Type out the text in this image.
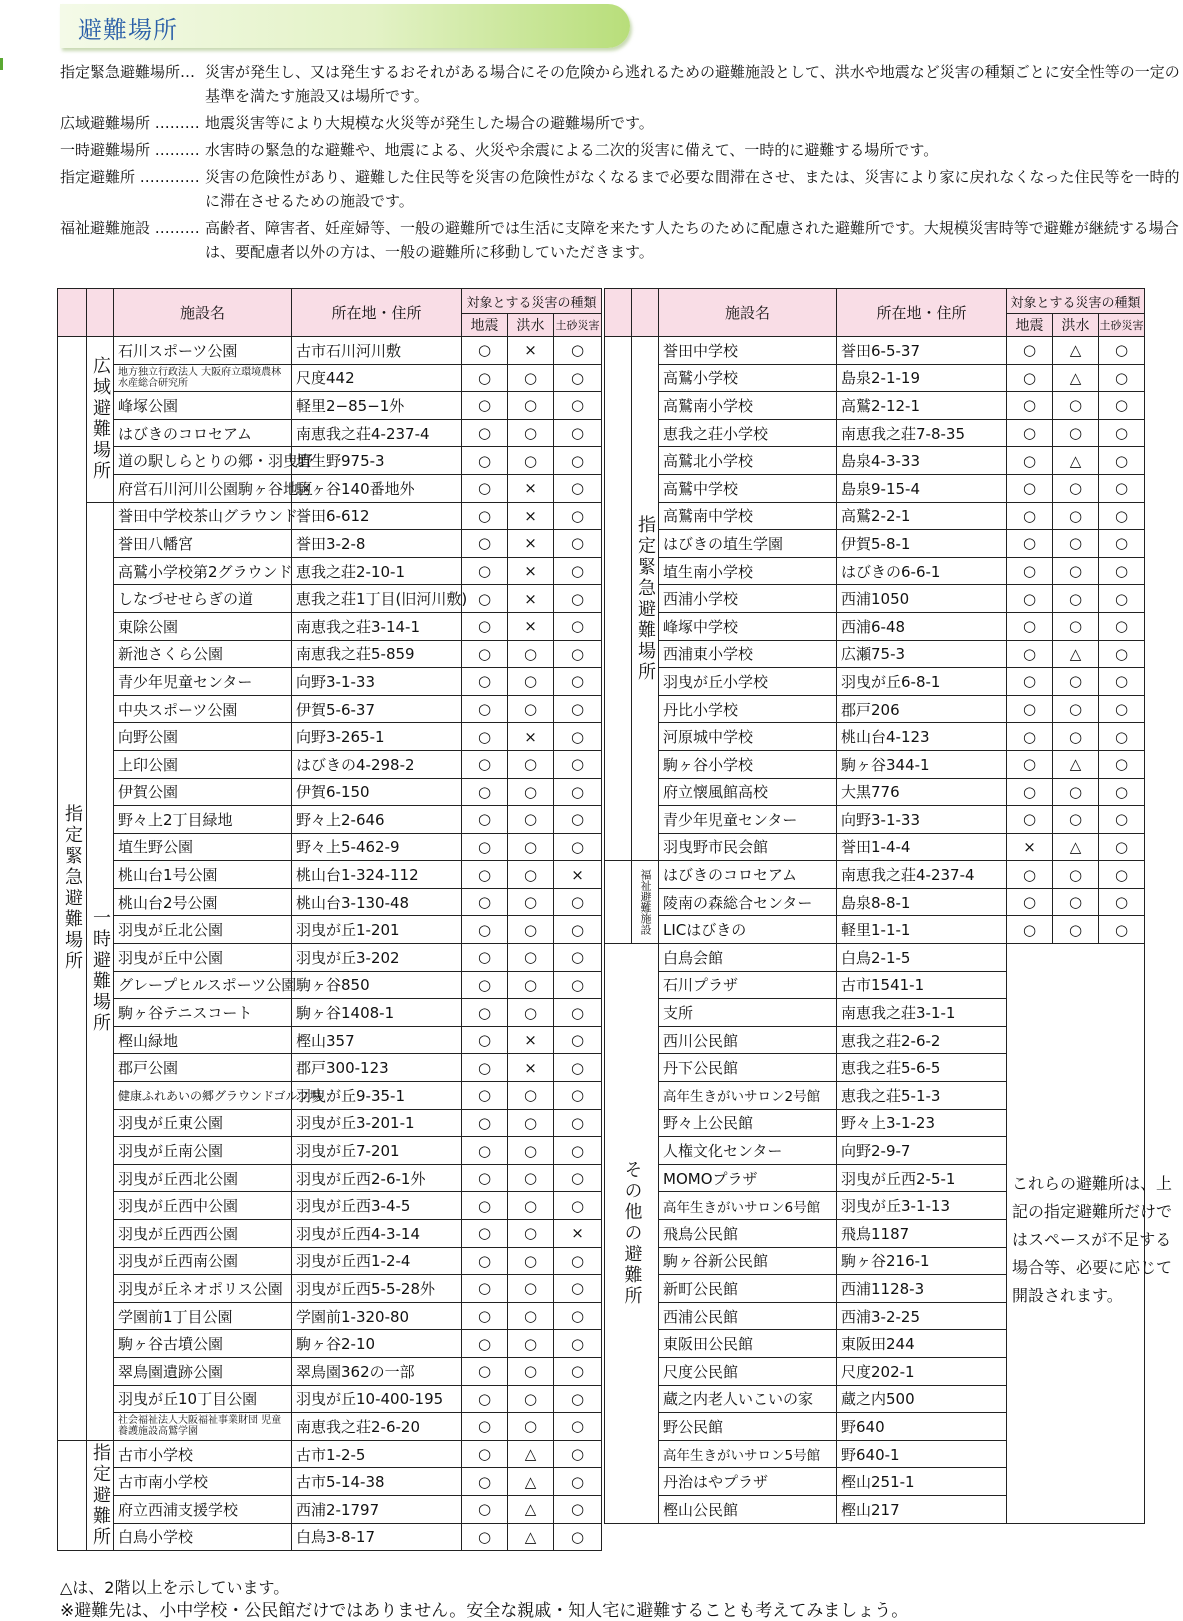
避難場所
指定緊急避難場所… 災害が発生し、又は発生するおそれがある場合にその危険から逃れるための避難施設として、洪水や地震など災害の種類ごとに安全性等の一定の基準を満たす施設又は場所です。
広域避難場所 ……… 地震災害等により大規模な火災等が発生した場合の避難場所です。
一時避難場所 ……… 水害時の緊急的な避難や、地震による、火災や余震による二次的災害に備えて、一時的に避難する場所です。
指定避難所 ………… 災害の危険性があり、避難した住民等を災害の危険性がなくなるまで必要な間滞在させ、または、災害により家に戻れなくなった住民等を一時的に滞在させるための施設です。
福祉避難施設 ……… 高齢者、障害者、妊産婦等、一般の避難所では生活に支障を来たす人たちのために配慮された避難所です。大規模災害時等で避難が継続する場合は、要配慮者以外の方は、一般の避難所に移動していただきます。
		施設名	所在地・住所	対象とする災害の種類		
				地震	洪水	土砂災害
指定緊急避難場所	広域避難場所	石川スポーツ公園	古市石川河川敷	○	×	○
		地方独立行政法人 大阪府立環境農林水産総合研究所	尺度442	○	○	○
		峰塚公園	軽里2−85−1外	○	○	○
		はびきのコロセアム	南恵我之荘4-237-4	○	○	○
		道の駅しらとりの郷・羽曳野	埴生野975-3	○	○	○
		府営石川河川公園駒ヶ谷地区	駒ヶ谷140番地外	○	×	○
	一時避難場所	誉田中学校茶山グラウンド	誉田6-612	○	×	○
		誉田八幡宮	誉田3-2-8	○	×	○
		高鷲小学校第2グラウンド	恵我之荘2-10-1	○	×	○
		しなづせせらぎの道	恵我之荘1丁目(旧河川敷)	○	×	○
		東除公園	南恵我之荘3-14-1	○	×	○
		新池さくら公園	南恵我之荘5-859	○	○	○
		青少年児童センター	向野3-1-33	○	○	○
		中央スポーツ公園	伊賀5-6-37	○	○	○
		向野公園	向野3-265-1	○	×	○
		上印公園	はびきの4-298-2	○	○	○
		伊賀公園	伊賀6-150	○	○	○
		野々上2丁目緑地	野々上2-646	○	○	○
		埴生野公園	野々上5-462-9	○	○	○
		桃山台1号公園	桃山台1-324-112	○	○	×
		桃山台2号公園	桃山台3-130-48	○	○	○
		羽曳が丘北公園	羽曳が丘1-201	○	○	○
		羽曳が丘中公園	羽曳が丘3-202	○	○	○
		グレープヒルスポーツ公園	駒ヶ谷850	○	○	○
		駒ヶ谷テニスコート	駒ヶ谷1408-1	○	○	○
		樫山緑地	樫山357	○	×	○
		郡戸公園	郡戸300-123	○	×	○
		健康ふれあいの郷グラウンドゴルフ場	羽曳が丘9-35-1	○	○	○
		羽曳が丘東公園	羽曳が丘3-201-1	○	○	○
		羽曳が丘南公園	羽曳が丘7-201	○	○	○
		羽曳が丘西北公園	羽曳が丘西2-6-1外	○	○	○
		羽曳が丘西中公園	羽曳が丘西3-4-5	○	○	○
		羽曳が丘西西公園	羽曳が丘西4-3-14	○	○	×
		羽曳が丘西南公園	羽曳が丘西1-2-4	○	○	○
		羽曳が丘ネオポリス公園	羽曳が丘西5-5-28外	○	○	○
		学園前1丁目公園	学園前1-320-80	○	○	○
		駒ヶ谷古墳公園	駒ヶ谷2-10	○	○	○
		翠鳥園遺跡公園	翠鳥園362の一部	○	○	○
		羽曳が丘10丁目公園	羽曳が丘10-400-195	○	○	○
		社会福祉法人大阪福祉事業財団 児童養護施設高鷲学園	南恵我之荘2-6-20	○	○	○
	指定避難所	古市小学校	古市1-2-5	○	△	○
		古市南小学校	古市5-14-38	○	△	○
		府立西浦支援学校	西浦2-1797	○	△	○
		白鳥小学校	白鳥3-8-17	○	△	○
		施設名	所在地・住所	対象とする災害の種類		
				地震	洪水	土砂災害
	指定緊急避難場所	誉田中学校	誉田6-5-37	○	△	○
		高鷲小学校	島泉2-1-19	○	△	○
		高鷲南小学校	高鷲2-12-1	○	○	○
		恵我之荘小学校	南恵我之荘7-8-35	○	○	○
		高鷲北小学校	島泉4-3-33	○	△	○
		高鷲中学校	島泉9-15-4	○	○	○
		高鷲南中学校	高鷲2-2-1	○	○	○
		はびきの埴生学園	伊賀5-8-1	○	○	○
		埴生南小学校	はびきの6-6-1	○	○	○
		西浦小学校	西浦1050	○	○	○
		峰塚中学校	西浦6-48	○	○	○
		西浦東小学校	広瀬75-3	○	△	○
		羽曳が丘小学校	羽曳が丘6-8-1	○	○	○
		丹比小学校	郡戸206	○	○	○
		河原城中学校	桃山台4-123	○	○	○
		駒ヶ谷小学校	駒ヶ谷344-1	○	△	○
		府立懐風館高校	大黒776	○	○	○
		青少年児童センター	向野3-1-33	○	○	○
		羽曳野市民会館	誉田1-4-4	×	△	○
	福祉避難施設	はびきのコロセアム	南恵我之荘4-237-4	○	○	○
		陵南の森総合センター	島泉8-8-1	○	○	○
		LICはびきの	軽里1-1-1	○	○	○
その他の避難所		白鳥会館	白鳥2-1-5			
		石川プラザ	古市1541-1			
		支所	南恵我之荘3-1-1			
		西川公民館	恵我之荘2-6-2			
		丹下公民館	恵我之荘5-6-5			
		高年生きがいサロン2号館	恵我之荘5-1-3			
		野々上公民館	野々上3-1-23			
		人権文化センター	向野2-9-7			
		MOMOプラザ	羽曳が丘西2-5-1			
		高年生きがいサロン6号館	羽曳が丘3-1-13			
		飛鳥公民館	飛鳥1187			
		駒ヶ谷新公民館	駒ヶ谷216-1			
		新町公民館	西浦1128-3			
		西浦公民館	西浦3-2-25			
		東阪田公民館	東阪田244			
		尺度公民館	尺度202-1			
		蔵之内老人いこいの家	蔵之内500			
		野公民館	野640			
		高年生きがいサロン5号館	野640-1			
		丹治はやプラザ	樫山251-1			
		樫山公民館	樫山217			
これらの避難所は、上記の指定避難所だけではスペースが不足する場合等、必要に応じて開設されます。
△は、2階以上を示しています。
※避難先は、小中学校・公民館だけではありません。安全な親戚・知人宅に避難することも考えてみましょう。
